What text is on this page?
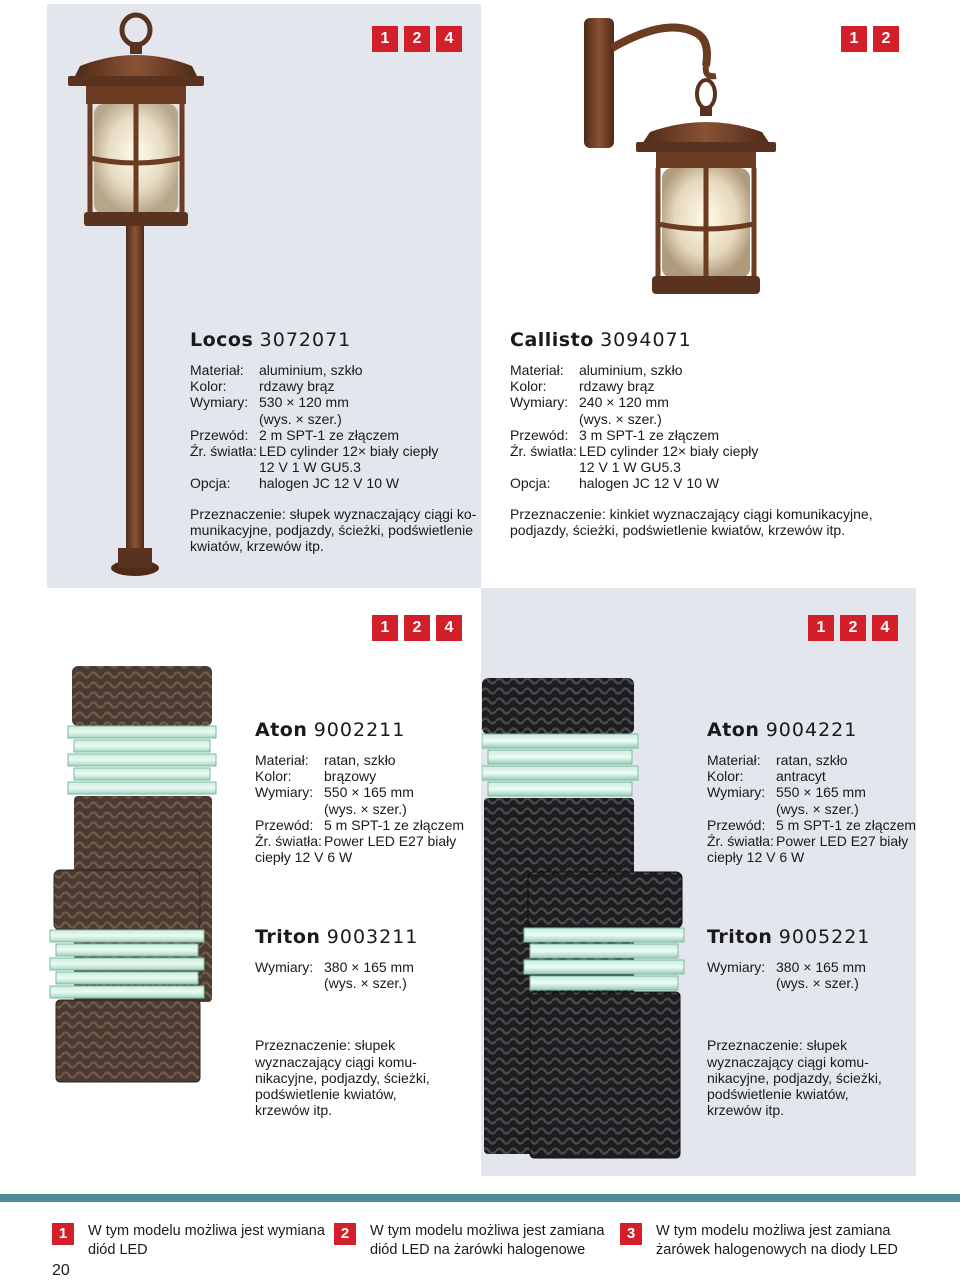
1	2	4	1	2
1	2	4	1	2	4
Locos 3072071
Materiał:	aluminium, szkło
Kolor:	rdzawy brąz
Wymiary: 530 × 120 mm
(wys. × szer.)
Przewód: 2 m SPT-1 ze złączem
Źr. światła: LED cylinder 12× biały ciepły
12 V 1 W GU5.3
Opcja:	halogen JC 12 V 10 W
Przeznaczenie: słupek wyznaczający ciągi ko-
munikacyjne, podjazdy, ścieżki, podświetlenie
kwiatów, krzewów itp.
Callisto 3094071
Materiał:	aluminium, szkło
Kolor:	rdzawy brąz
Wymiary: 240 × 120 mm
(wys. × szer.)
Przewód: 3 m SPT-1 ze złączem
Źr. światła: LED cylinder 12× biały ciepły
12 V 1 W GU5.3
Opcja:	halogen JC 12 V 10 W
Przeznaczenie: kinkiet wyznaczający ciągi komunikacyjne,
podjazdy, ścieżki, podświetlenie kwiatów, krzewów itp.
Aton 9002211
Materiał:	ratan, szkło
Kolor:	brązowy
Wymiary: 550 × 165 mm
(wys. × szer.)
Przewód: 5 m SPT-1 ze złączem
Źr. światła: Power LED E27 biały
ciepły 12 V 6 W
Aton 9004221
Materiał:	ratan, szkło
Kolor:	antracyt
Wymiary: 550 × 165 mm
(wys. × szer.)
Przewód: 5 m SPT-1 ze złączem
Źr. światła: Power LED E27 biały
ciepły 12 V 6 W
Triton 9003211
Wymiary: 380 × 165 mm
(wys. × szer.)
Przeznaczenie: słupek
wyznaczający ciągi komu-
nikacyjne, podjazdy, ścieżki,
podświetlenie kwiatów,
krzewów itp.
Triton 9005221
Wymiary: 380 × 165 mm
(wys. × szer.)
Przeznaczenie: słupek
wyznaczający ciągi komu-
nikacyjne, podjazdy, ścieżki,
podświetlenie kwiatów,
krzewów itp.
1	W tym modelu możliwa jest wymiana
diód LED
2	W tym modelu możliwa jest zamiana
diód LED na żarówki halogenowe
3	W tym modelu możliwa jest zamiana
żarówek halogenowych na diody LED
20
